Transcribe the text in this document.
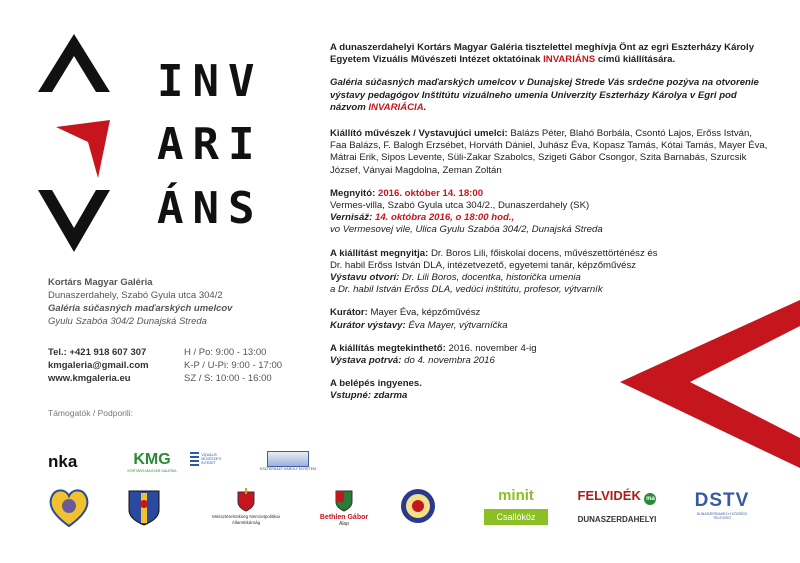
INV
ARI
ÁNS
Kortárs Magyar Galéria
Dunaszerdahely, Szabó Gyula utca 304/2
Galéria súčasných maďarských umelcov
Gyulu Szabóa 304/2 Dunajská Streda
Tel.: +421 918 607 307
kmgaleria@gmail.com
www.kmgaleria.eu
H / Po: 9:00 - 13:00
K-P / U-Pi: 9:00 - 17:00
SZ / S: 10:00 - 16:00
Támogatók / Podporili:

A dunaszerdahelyi Kortárs Magyar Galéria tisztelettel meghívja Önt az egri Eszterházy Károly Egyetem Vizuális Művészeti Intézet oktatóinak INVARIÁNS című kiállítására.

Galéria súčasných maďarských umelcov v Dunajskej Strede Vás srdečne pozýva na otvorenie výstavy pedagógov Inštitútu vizuálneho umenia Univerzity Eszterházy Károlya v Egri pod názvom INVARIÁCIA.

Kiállító művészek / Vystavujúci umelci: Balázs Péter, Blahó Borbála, Csontó Lajos, Erőss István, Faa Balázs, F. Balogh Erzsébet, Horváth Dániel, Juhász Éva, Kopasz Tamás, Kótai Tamás, Mayer Éva, Mátrai Erik, Sipos Levente, Süli-Zakar Szabolcs, Szigeti Gábor Csongor, Szita Barnabás, Szurcsik József, Ványai Magdolna, Zeman Zoltán

Megnyitó: 2016. október 14. 18:00
Vermes-villa, Szabó Gyula utca 304/2., Dunaszerdahely (SK)
Vernisáž: 14. októbra 2016, o 18:00 hod.,
vo Vermesovej vile, Ulica Gyulu Szabóa 304/2, Dunajská Streda

A kiállítást megnyitja: Dr. Boros Lili, főiskolai docens, művészettörténész és
Dr. habil Erőss István DLA, intézetvezető, egyetemi tanár, képzőművész
Výstavu otvorí: Dr. Lili Boros, docentka, historička umenia
a Dr. habil István Erőss DLA, vedúci inštitútu, profesor, výtvarník

Kurátor: Mayer Éva, képzőművész
Kurátor výstavy: Éva Mayer, výtvarníčka

A kiállítás megtekinthető: 2016. november 4-ig
Výstava potrvá: do 4. novembra 2016

A belépés ingyenes.
Vstupné: zdarma

nka	KMG
KORTÁRS MAGYAR GALÉRIA
VIZUÁLIS MŰVÉSZETI INTÉZET
ESZTERHÁZY KÁROLY EGYETEM
Minisztérelnökség Nemzetpolitikai Államtitkárság
Bethlen Gábor
Alap
minit
Csallóköz
FELVIDÉK ma
DUNASZERDAHELYI
DSTV
DUNASZERDAHELYI KÖZSÉGI TELEVÍZIÓ
